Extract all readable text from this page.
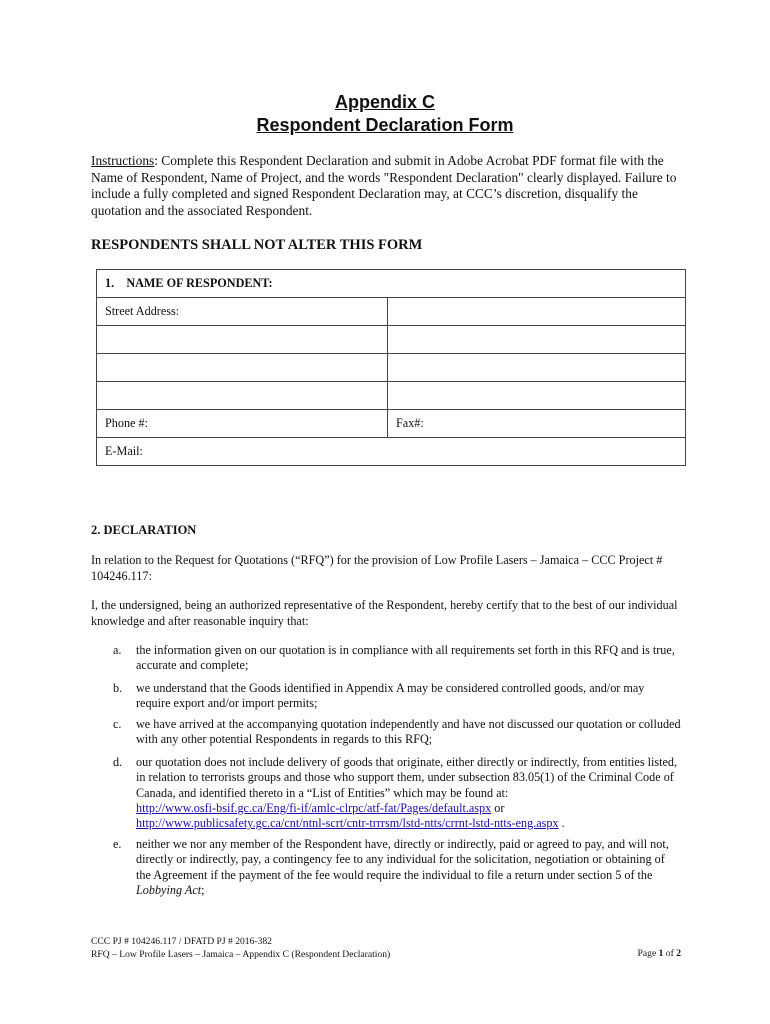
Appendix C
Respondent Declaration Form
Instructions: Complete this Respondent Declaration and submit in Adobe Acrobat PDF format file with the Name of Respondent, Name of Project, and the words "Respondent Declaration" clearly displayed. Failure to include a fully completed and signed Respondent Declaration may, at CCC’s discretion, disqualify the quotation and the associated Respondent.
RESPONDENTS SHALL NOT ALTER THIS FORM
1.    NAME OF RESPONDENT:	
Street Address:	

Phone #:	Fax#:
E-Mail:	
2. DECLARATION
In relation to the Request for Quotations (“RFQ”) for the provision of Low Profile Lasers – Jamaica – CCC Project # 104246.117:
I, the undersigned, being an authorized representative of the Respondent, hereby certify that to the best of our individual knowledge and after reasonable inquiry that:
a. the information given on our quotation is in compliance with all requirements set forth in this RFQ and is true, accurate and complete;
b. we understand that the Goods identified in Appendix A may be considered controlled goods, and/or may require export and/or import permits;
c. we have arrived at the accompanying quotation independently and have not discussed our quotation or colluded with any other potential Respondents in regards to this RFQ;
d. our quotation does not include delivery of goods that originate, either directly or indirectly, from entities listed, in relation to terrorists groups and those who support them, under subsection 83.05(1) of the Criminal Code of Canada, and identified thereto in a “List of Entities” which may be found at:
http://www.osfi-bsif.gc.ca/Eng/fi-if/amlc-clrpc/atf-fat/Pages/default.aspx or
http://www.publicsafety.gc.ca/cnt/ntnl-scrt/cntr-trrrsm/lstd-ntts/crrnt-lstd-ntts-eng.aspx .
e. neither we nor any member of the Respondent have, directly or indirectly, paid or agreed to pay, and will not, directly or indirectly, pay, a contingency fee to any individual for the solicitation, negotiation or obtaining of the Agreement if the payment of the fee would require the individual to file a return under section 5 of the Lobbying Act;
CCC PJ # 104246.117 / DFATD PJ # 2016-382
RFQ – Low Profile Lasers – Jamaica – Appendix C (Respondent Declaration)	Page 1 of 2
